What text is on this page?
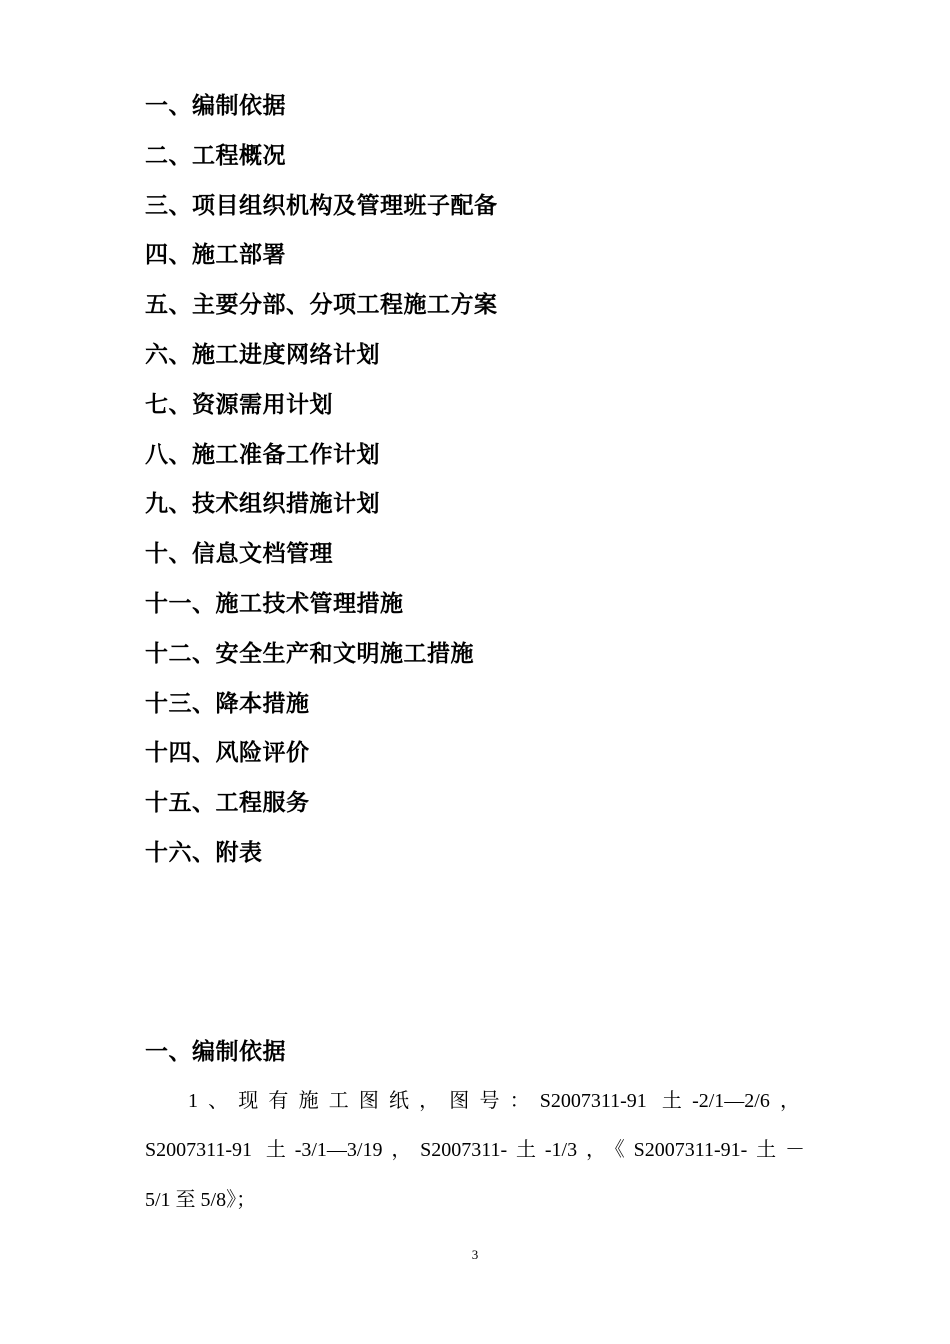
一、编制依据
二、工程概况
三、项目组织机构及管理班子配备
四、施工部署
五、主要分部、分项工程施工方案
六、施工进度网络计划
七、资源需用计划
八、施工准备工作计划
九、技术组织措施计划
十、信息文档管理
十一、施工技术管理措施
十二、安全生产和文明施工措施
十三、降本措施
十四、风险评价
十五、工程服务
十六、附表
一、编制依据

1、现有施工图纸，图号：S2007311-91 土-2/1—2/6，

S2007311-91 土-3/1—3/19，S2007311-土-1/3，《S2007311-91-土－

5/1 至 5/8》；

3
